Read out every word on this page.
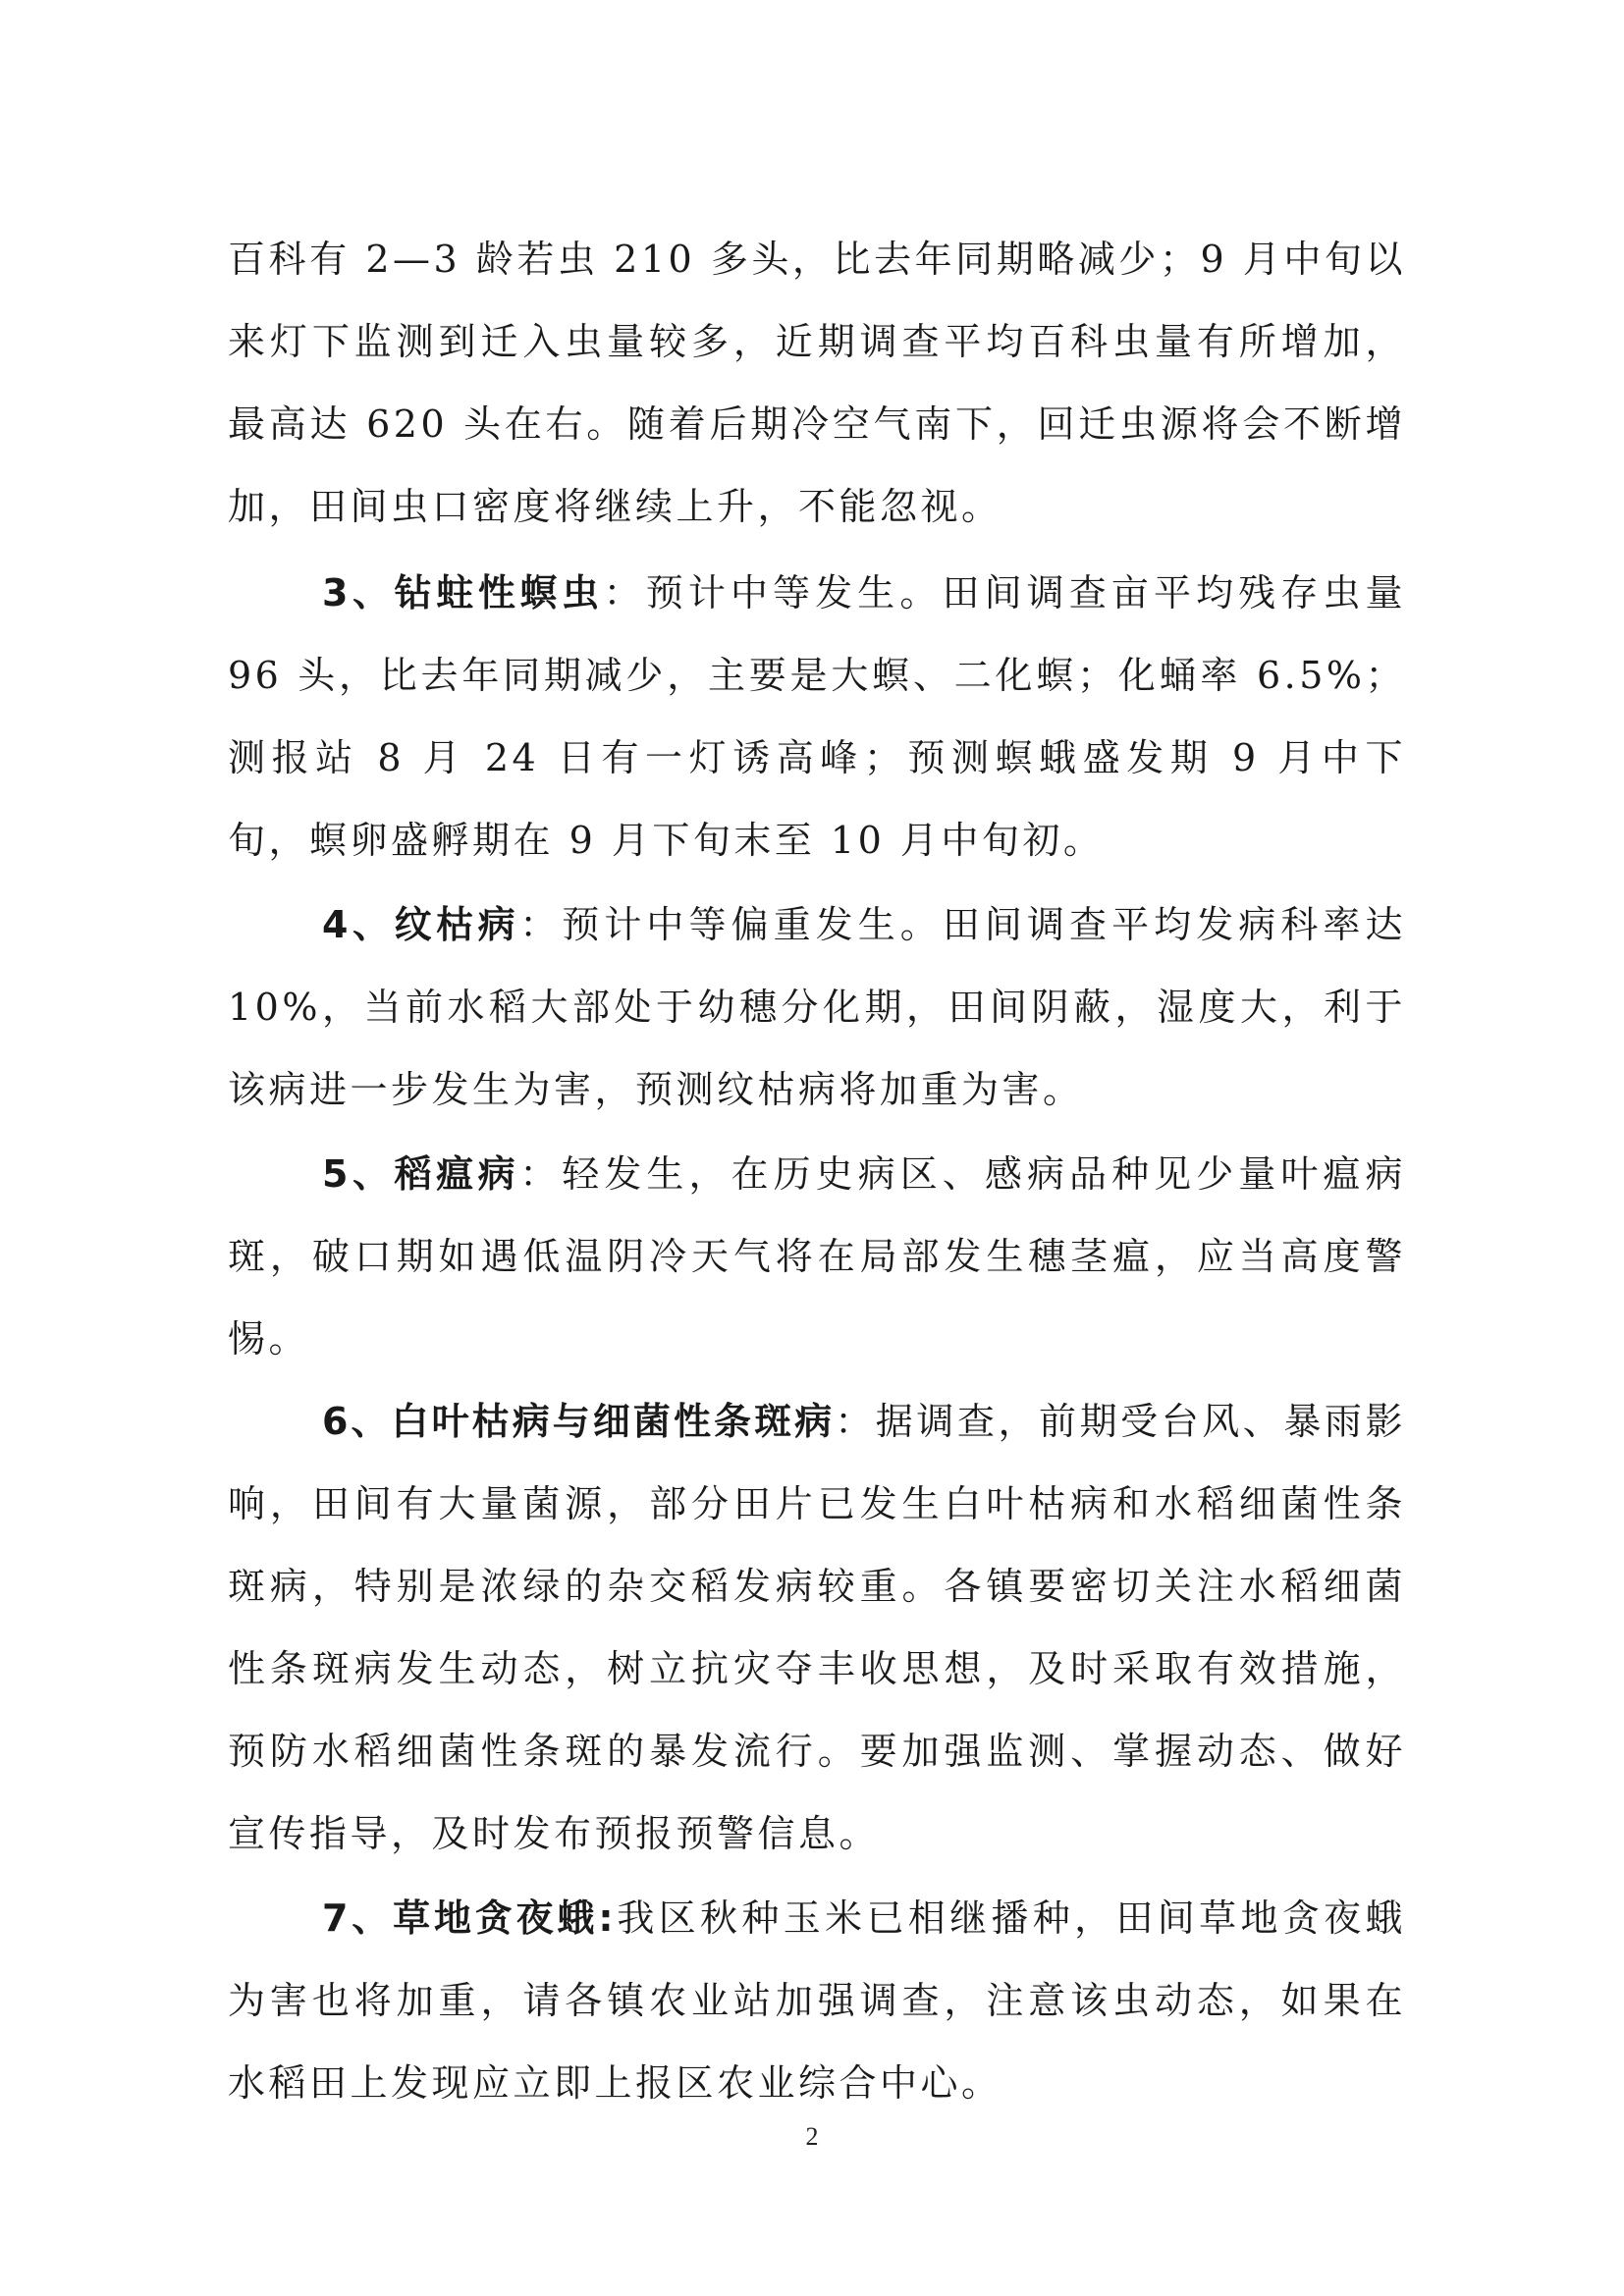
百科有 2—3 龄若虫 210 多头，比去年同期略减少；9 月中旬以来灯下监测到迁入虫量较多，近期调查平均百科虫量有所增加，最高达 620 头在右。随着后期冷空气南下，回迁虫源将会不断增加，田间虫口密度将继续上升，不能忽视。

3、钻蛀性螟虫：预计中等发生。田间调查亩平均残存虫量 96 头，比去年同期减少，主要是大螟、二化螟；化蛹率 6.5%；测报站 8 月 24 日有一灯诱高峰；预测螟蛾盛发期 9 月中下旬，螟卵盛孵期在 9 月下旬末至 10 月中旬初。

4、纹枯病：预计中等偏重发生。田间调查平均发病科率达 10%，当前水稻大部处于幼穗分化期，田间阴蔽，湿度大，利于该病进一步发生为害，预测纹枯病将加重为害。

5、稻瘟病：轻发生，在历史病区、感病品种见少量叶瘟病斑，破口期如遇低温阴冷天气将在局部发生穗茎瘟，应当高度警惕。

6、白叶枯病与细菌性条斑病：据调查，前期受台风、暴雨影响，田间有大量菌源，部分田片已发生白叶枯病和水稻细菌性条斑病，特别是浓绿的杂交稻发病较重。各镇要密切关注水稻细菌性条斑病发生动态，树立抗灾夺丰收思想，及时采取有效措施，预防水稻细菌性条斑的暴发流行。要加强监测、掌握动态、做好宣传指导，及时发布预报预警信息。

7、草地贪夜蛾:我区秋种玉米已相继播种，田间草地贪夜蛾为害也将加重，请各镇农业站加强调查，注意该虫动态，如果在水稻田上发现应立即上报区农业综合中心。

2
